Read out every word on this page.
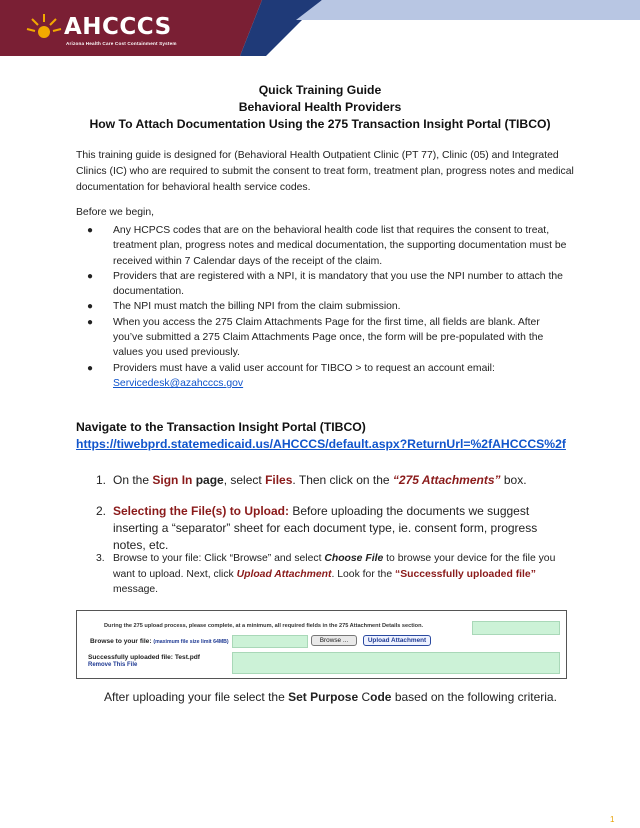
AHCCCS
Arizona Health Care Cost Containment System
Quick Training Guide
Behavioral Health Providers
How To Attach Documentation Using the 275 Transaction Insight Portal (TIBCO)
This training guide is designed for (Behavioral Health Outpatient Clinic (PT 77), Clinic (05) and Integrated Clinics (IC) who are required to submit the consent to treat form, treatment plan, progress notes and medical documentation for behavioral health service codes.
Before we begin,
● Any HCPCS codes that are on the behavioral health code list that requires the consent to treat, treatment plan, progress notes and medical documentation, the supporting documentation must be received within 7 Calendar days of the receipt of the claim.
● Providers that are registered with a NPI, it is mandatory that you use the NPI number to attach the documentation.
● The NPI must match the billing NPI from the claim submission.
● When you access the 275 Claim Attachments Page for the first time, all fields are blank. After you’ve submitted a 275 Claim Attachments Page once, the form will be pre-populated with the values you used previously.
● Providers must have a valid user account for TIBCO > to request an account email:
Servicedesk@azahcccs.gov
Navigate to the Transaction Insight Portal (TIBCO)
https://tiwebprd.statemedicaid.us/AHCCCS/default.aspx?ReturnUrl=%2fAHCCCS%2f
1. On the Sign In page, select Files. Then click on the “275 Attachments” box.
2. Selecting the File(s) to Upload: Before uploading the documents we suggest inserting a “separator” sheet for each document type, ie. consent form, progress notes, etc.
3. Browse to your file: Click “Browse” and select Choose File to browse your device for the file you want to upload. Next, click Upload Attachment. Look for the “Successfully uploaded file” message.
During the 275 upload process, please complete, at a minimum, all required fields in the 275 Attachment Details section.
Browse to your file: (maximum file size limit 64MB)	Browse ...	Upload Attachment
Successfully uploaded file: Test.pdf
Remove This File
After uploading your file select the Set Purpose Code based on the following criteria.
1
